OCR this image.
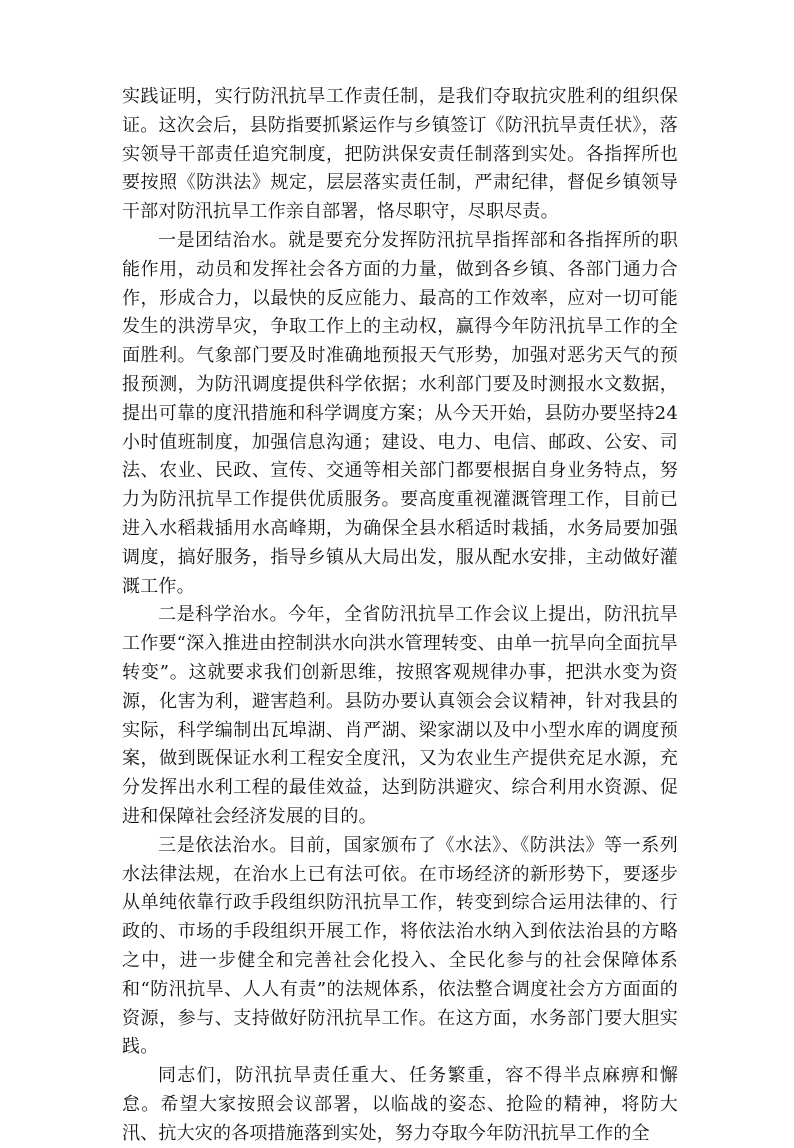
实践证明，实行防汛抗旱工作责任制，是我们夺取抗灾胜利的组织保证。这次会后，县防指要抓紧运作与乡镇签订《防汛抗旱责任状》，落实领导干部责任追究制度，把防洪保安责任制落到实处。各指挥所也要按照《防洪法》规定，层层落实责任制，严肃纪律，督促乡镇领导干部对防汛抗旱工作亲自部署，恪尽职守，尽职尽责。

一是团结治水。就是要充分发挥防汛抗旱指挥部和各指挥所的职能作用，动员和发挥社会各方面的力量，做到各乡镇、各部门通力合作，形成合力，以最快的反应能力、最高的工作效率，应对一切可能发生的洪涝旱灾，争取工作上的主动权，赢得今年防汛抗旱工作的全面胜利。气象部门要及时准确地预报天气形势，加强对恶劣天气的预报预测，为防汛调度提供科学依据；水利部门要及时测报水文数据，提出可靠的度汛措施和科学调度方案；从今天开始，县防办要坚持24小时值班制度，加强信息沟通；建设、电力、电信、邮政、公安、司法、农业、民政、宣传、交通等相关部门都要根据自身业务特点，努力为防汛抗旱工作提供优质服务。要高度重视灌溉管理工作，目前已进入水稻栽插用水高峰期，为确保全县水稻适时栽插，水务局要加强调度，搞好服务，指导乡镇从大局出发，服从配水安排，主动做好灌溉工作。

二是科学治水。今年，全省防汛抗旱工作会议上提出，防汛抗旱工作要“深入推进由控制洪水向洪水管理转变、由单一抗旱向全面抗旱转变”。这就要求我们创新思维，按照客观规律办事，把洪水变为资源，化害为利，避害趋利。县防办要认真领会会议精神，针对我县的实际，科学编制出瓦埠湖、肖严湖、梁家湖以及中小型水库的调度预案，做到既保证水利工程安全度汛，又为农业生产提供充足水源，充分发挥出水利工程的最佳效益，达到防洪避灾、综合利用水资源、促进和保障社会经济发展的目的。

三是依法治水。目前，国家颁布了《水法》、《防洪法》等一系列水法律法规，在治水上已有法可依。在市场经济的新形势下，要逐步从单纯依靠行政手段组织防汛抗旱工作，转变到综合运用法律的、行政的、市场的手段组织开展工作，将依法治水纳入到依法治县的方略之中，进一步健全和完善社会化投入、全民化参与的社会保障体系和“防汛抗旱、人人有责”的法规体系，依法整合调度社会方方面面的资源，参与、支持做好防汛抗旱工作。在这方面，水务部门要大胆实践。

同志们，防汛抗旱责任重大、任务繁重，容不得半点麻痹和懈怠。希望大家按照会议部署，以临战的姿态、抢险的精神，将防大汛、抗大灾的各项措施落到实处，努力夺取今年防汛抗旱工作的全
